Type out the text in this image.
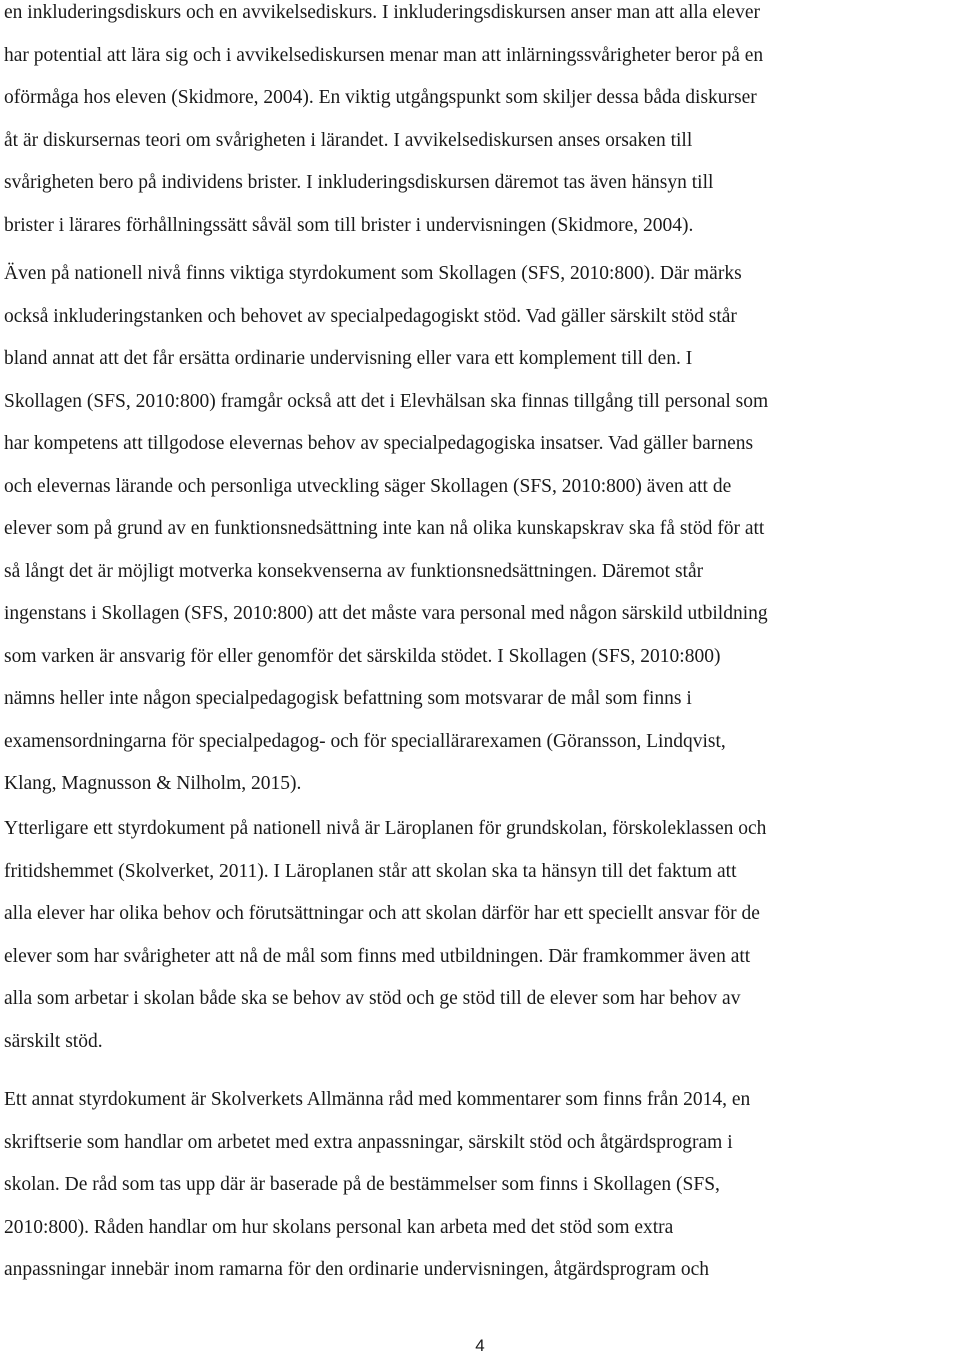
en inkluderingsdiskurs och en avvikelsediskurs. I inkluderingsdiskursen anser man att alla elever
har potential att lära sig och i avvikelsediskursen menar man att inlärningssvårigheter beror på en
oförmåga hos eleven (Skidmore, 2004). En viktig utgångspunkt som skiljer dessa båda diskurser
åt är diskursernas teori om svårigheten i lärandet. I avvikelsediskursen anses orsaken till
svårigheten bero på individens brister. I inkluderingsdiskursen däremot tas även hänsyn till
brister i lärares förhållningssätt såväl som till brister i undervisningen (Skidmore, 2004).
Även på nationell nivå finns viktiga styrdokument som Skollagen (SFS, 2010:800). Där märks
också inkluderingstanken och behovet av specialpedagogiskt stöd. Vad gäller särskilt stöd står
bland annat att det får ersätta ordinarie undervisning eller vara ett komplement till den. I
Skollagen (SFS, 2010:800) framgår också att det i Elevhälsan ska finnas tillgång till personal som
har kompetens att tillgodose elevernas behov av specialpedagogiska insatser. Vad gäller barnens
och elevernas lärande och personliga utveckling säger Skollagen (SFS, 2010:800) även att de
elever som på grund av en funktionsnedsättning inte kan nå olika kunskapskrav ska få stöd för att
så långt det är möjligt motverka konsekvenserna av funktionsnedsättningen. Däremot står
ingenstans i Skollagen (SFS, 2010:800) att det måste vara personal med någon särskild utbildning
som varken är ansvarig för eller genomför det särskilda stödet. I Skollagen (SFS, 2010:800)
nämns heller inte någon specialpedagogisk befattning som motsvarar de mål som finns i
examensordningarna för specialpedagog- och för speciallärarexamen (Göransson, Lindqvist,
Klang, Magnusson & Nilholm, 2015).
Ytterligare ett styrdokument på nationell nivå är Läroplanen för grundskolan, förskoleklassen och
fritidshemmet (Skolverket, 2011). I Läroplanen står att skolan ska ta hänsyn till det faktum att
alla elever har olika behov och förutsättningar och att skolan därför har ett speciellt ansvar för de
elever som har svårigheter att nå de mål som finns med utbildningen. Där framkommer även att
alla som arbetar i skolan både ska se behov av stöd och ge stöd till de elever som har behov av
särskilt stöd.
Ett annat styrdokument är Skolverkets Allmänna råd med kommentarer som finns från 2014, en
skriftserie som handlar om arbetet med extra anpassningar, särskilt stöd och åtgärdsprogram i
skolan. De råd som tas upp där är baserade på de bestämmelser som finns i Skollagen (SFS,
2010:800). Råden handlar om hur skolans personal kan arbeta med det stöd som extra
anpassningar innebär inom ramarna för den ordinarie undervisningen, åtgärdsprogram och
4
